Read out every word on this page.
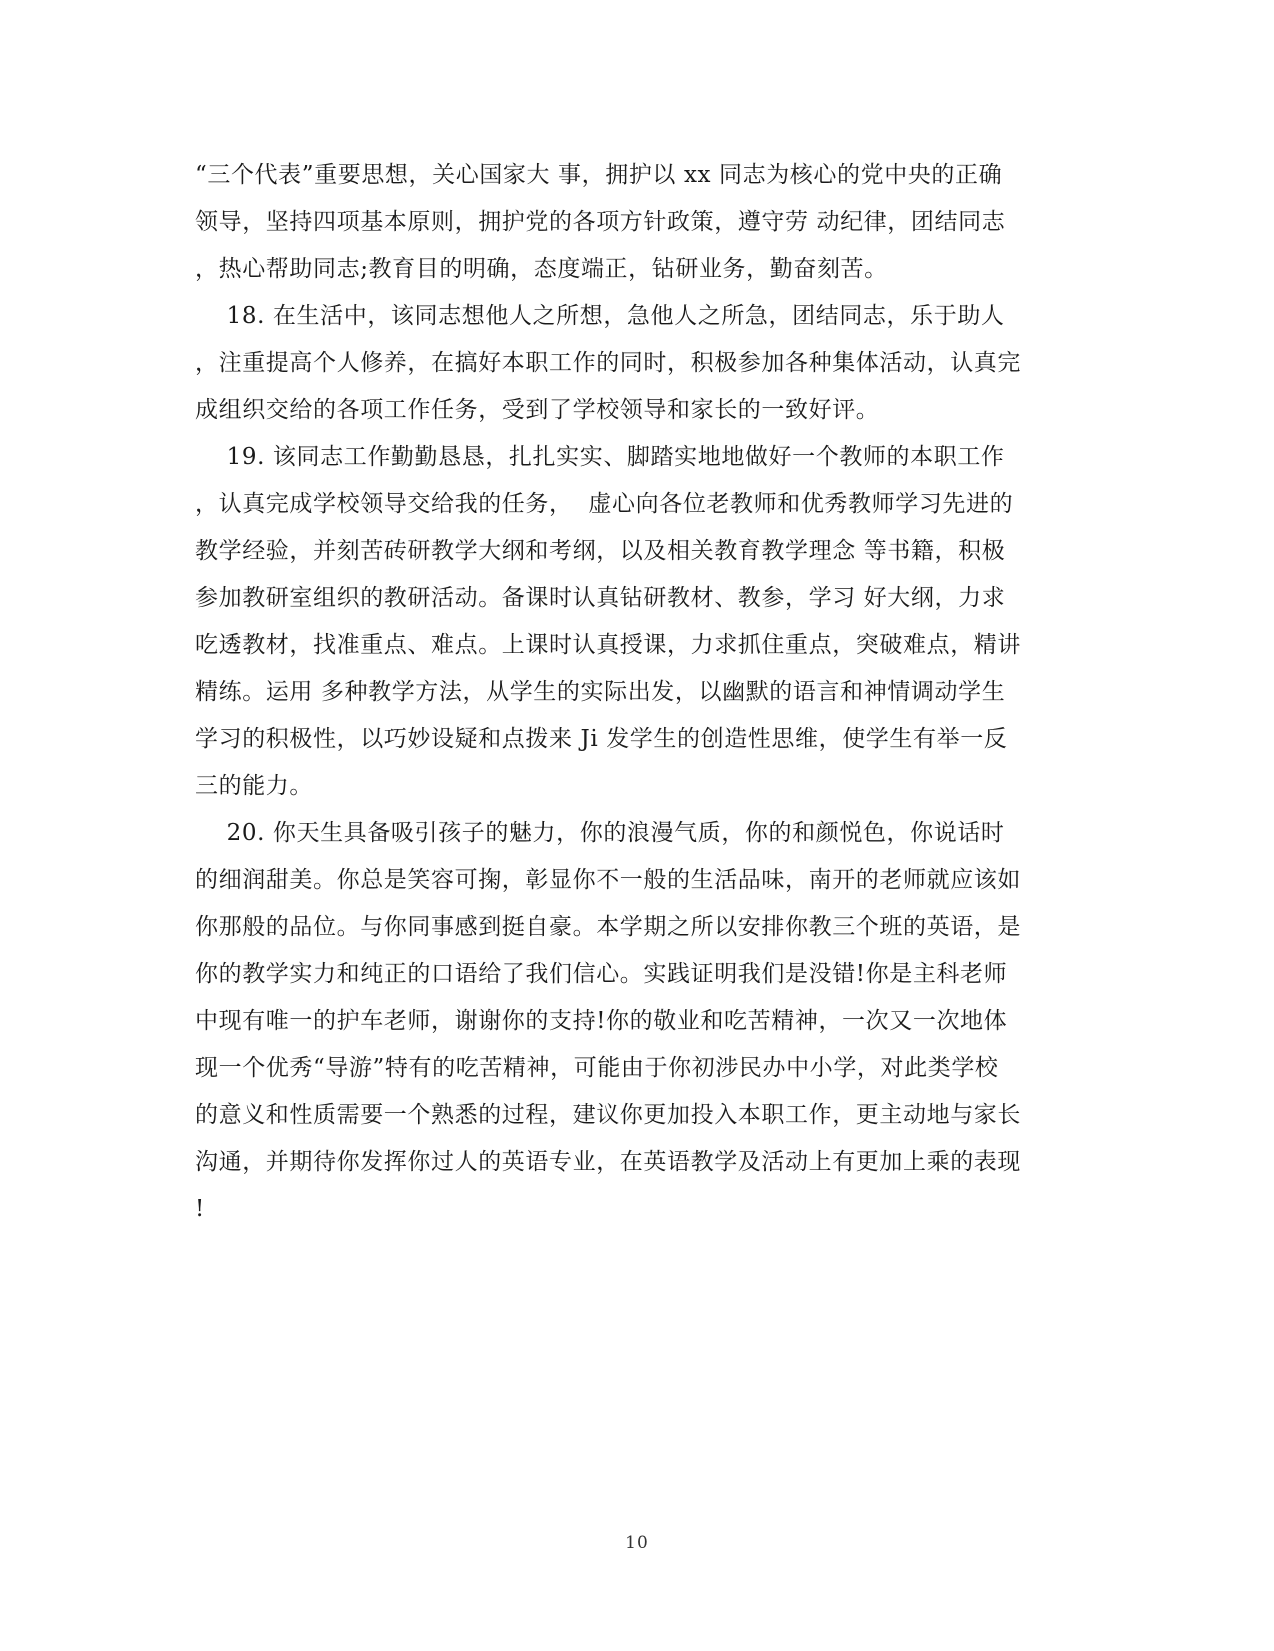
“三个代表”重要思想，关心国家大 事，拥护以 xx 同志为核心的党中央的正确
领导，坚持四项基本原则，拥护党的各项方针政策，遵守劳 动纪律，团结同志
，热心帮助同志;教育目的明确，态度端正，钻研业务，勤奋刻苦。
18. 在生活中，该同志想他人之所想，急他人之所急，团结同志，乐于助人
，注重提高个人修养，在搞好本职工作的同时，积极参加各种集体活动，认真完
成组织交给的各项工作任务，受到了学校领导和家长的一致好评。
19. 该同志工作勤勤恳恳，扎扎实实、脚踏实地地做好一个教师的本职工作
，认真完成学校领导交给我的任务，  虚心向各位老教师和优秀教师学习先进的
教学经验，并刻苦砖研教学大纲和考纲，以及相关教育教学理念 等书籍，积极
参加教研室组织的教研活动。备课时认真钻研教材、教参，学习 好大纲，力求
吃透教材，找准重点、难点。上课时认真授课，力求抓住重点，突破难点，精讲
精练。运用 多种教学方法，从学生的实际出发，以幽默的语言和神情调动学生
学习的积极性，以巧妙设疑和点拨来 Ji 发学生的创造性思维，使学生有举一反
三的能力。
20. 你天生具备吸引孩子的魅力，你的浪漫气质，你的和颜悦色，你说话时
的细润甜美。你总是笑容可掬，彰显你不一般的生活品味，南开的老师就应该如
你那般的品位。与你同事感到挺自豪。本学期之所以安排你教三个班的英语，是
你的教学实力和纯正的口语给了我们信心。实践证明我们是没错!你是主科老师
中现有唯一的护车老师，谢谢你的支持!你的敬业和吃苦精神，一次又一次地体
现一个优秀“导游”特有的吃苦精神，可能由于你初涉民办中小学，对此类学校
的意义和性质需要一个熟悉的过程，建议你更加投入本职工作，更主动地与家长
沟通，并期待你发挥你过人的英语专业，在英语教学及活动上有更加上乘的表现
!
10
